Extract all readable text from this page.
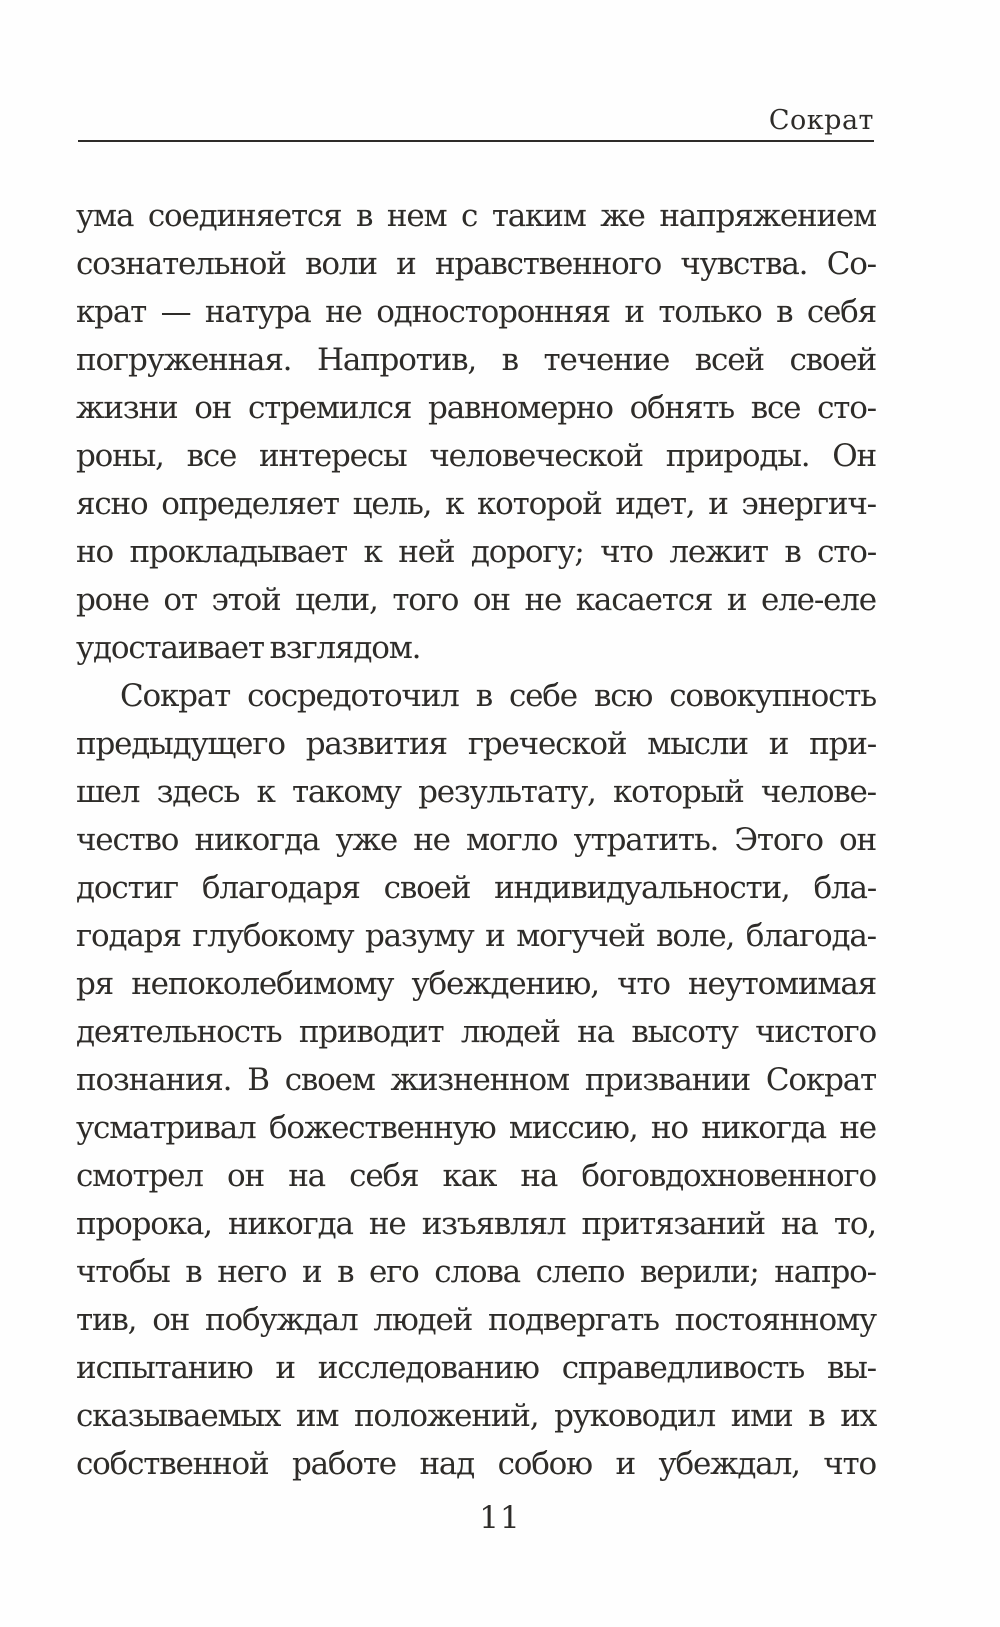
Сократ
ума соединяется в нем с таким же напряжением
сознательной воли и нравственного чувства. Со-
крат — натура не односторонняя и только в себя
погруженная. Напротив, в течение всей своей
жизни он стремился равномерно обнять все сто-
роны, все интересы человеческой природы. Он
ясно определяет цель, к которой идет, и энергич-
но прокладывает к ней дорогу; что лежит в сто-
роне от этой цели, того он не касается и еле-еле
удостаивает взглядом.
Сократ сосредоточил в себе всю совокупность
предыдущего развития греческой мысли и при-
шел здесь к такому результату, который челове-
чество никогда уже не могло утратить. Этого он
достиг благодаря своей индивидуальности, бла-
годаря глубокому разуму и могучей воле, благода-
ря непоколебимому убеждению, что неутомимая
деятельность приводит людей на высоту чистого
познания. В своем жизненном призвании Сократ
усматривал божественную миссию, но никогда не
смотрел он на себя как на боговдохновенного
пророка, никогда не изъявлял притязаний на то,
чтобы в него и в его слова слепо верили; напро-
тив, он побуждал людей подвергать постоянному
испытанию и исследованию справедливость вы-
сказываемых им положений, руководил ими в их
собственной работе над собою и убеждал, что
11
